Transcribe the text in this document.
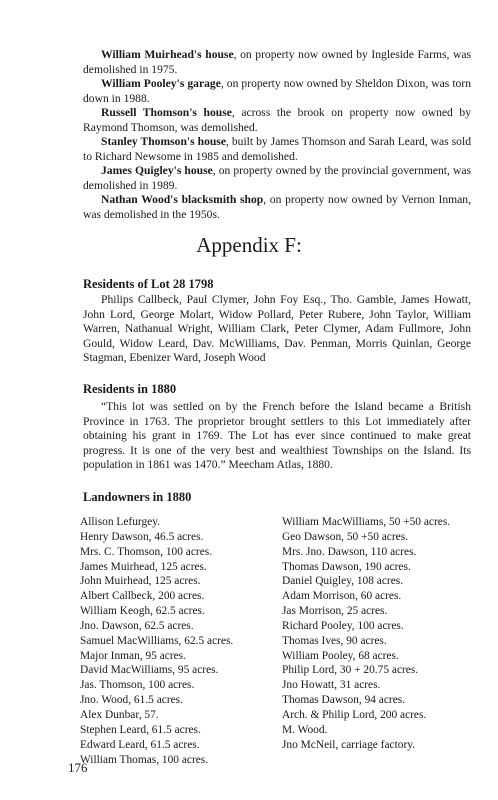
William Muirhead's house, on property now owned by Ingleside Farms, was demolished in 1975.

William Pooley's garage, on property now owned by Sheldon Dixon, was torn down in 1988.

Russell Thomson's house, across the brook on property now owned by Raymond Thomson, was demolished.

Stanley Thomson's house, built by James Thomson and Sarah Leard, was sold to Richard Newsome in 1985 and demolished.

James Quigley's house, on property owned by the provincial government, was demolished in 1989.

Nathan Wood's blacksmith shop, on property now owned by Vernon Inman, was demolished in the 1950s.

Appendix F:

Residents of Lot 28 1798

Philips Callbeck, Paul Clymer, John Foy Esq., Tho. Gamble, James Howatt, John Lord, George Molart, Widow Pollard, Peter Rubere, John Taylor, William Warren, Nathanual Wright, William Clark, Peter Clymer, Adam Fullmore, John Gould, Widow Leard, Dav. McWilliams, Dav. Penman, Morris Quinlan, George Stagman, Ebenizer Ward, Joseph Wood

Residents in 1880

“This lot was settled on by the French before the Island became a British Province in 1763. The proprietor brought settlers to this Lot immediately after obtaining his grant in 1769. The Lot has ever since continued to make great progress. It is one of the very best and wealthiest Townships on the Island. Its population in 1861 was 1470.” Meecham Atlas, 1880.

Landowners in 1880

Allison Lefurgey.
Henry Dawson, 46.5 acres.
Mrs. C. Thomson, 100 acres.
James Muirhead, 125 acres.
John Muirhead, 125 acres.
Albert Callbeck, 200 acres.
William Keogh, 62.5 acres.
Jno. Dawson, 62.5 acres.
Samuel MacWilliams, 62.5 acres.
Major Inman, 95 acres.
David MacWilliams, 95 acres.
Jas. Thomson, 100 acres.
Jno. Wood, 61.5 acres.
Alex Dunbar, 57.
Stephen Leard, 61.5 acres.
Edward Leard, 61.5 acres.
William Thomas, 100 acres.
William MacWilliams, 50 +50 acres.
Geo Dawson, 50 +50 acres.
Mrs. Jno. Dawson, 110 acres.
Thomas Dawson, 190 acres.
Daniel Quigley, 108 acres.
Adam Morrison, 60 acres.
Jas Morrison, 25 acres.
Richard Pooley, 100 acres.
Thomas Ives, 90 acres.
William Pooley, 68 acres.
Philip Lord, 30 + 20.75 acres.
Jno Howatt, 31 acres.
Thomas Dawson, 94 acres.
Arch. & Philip Lord, 200 acres.
M. Wood.
Jno McNeil, carriage factory.
176
